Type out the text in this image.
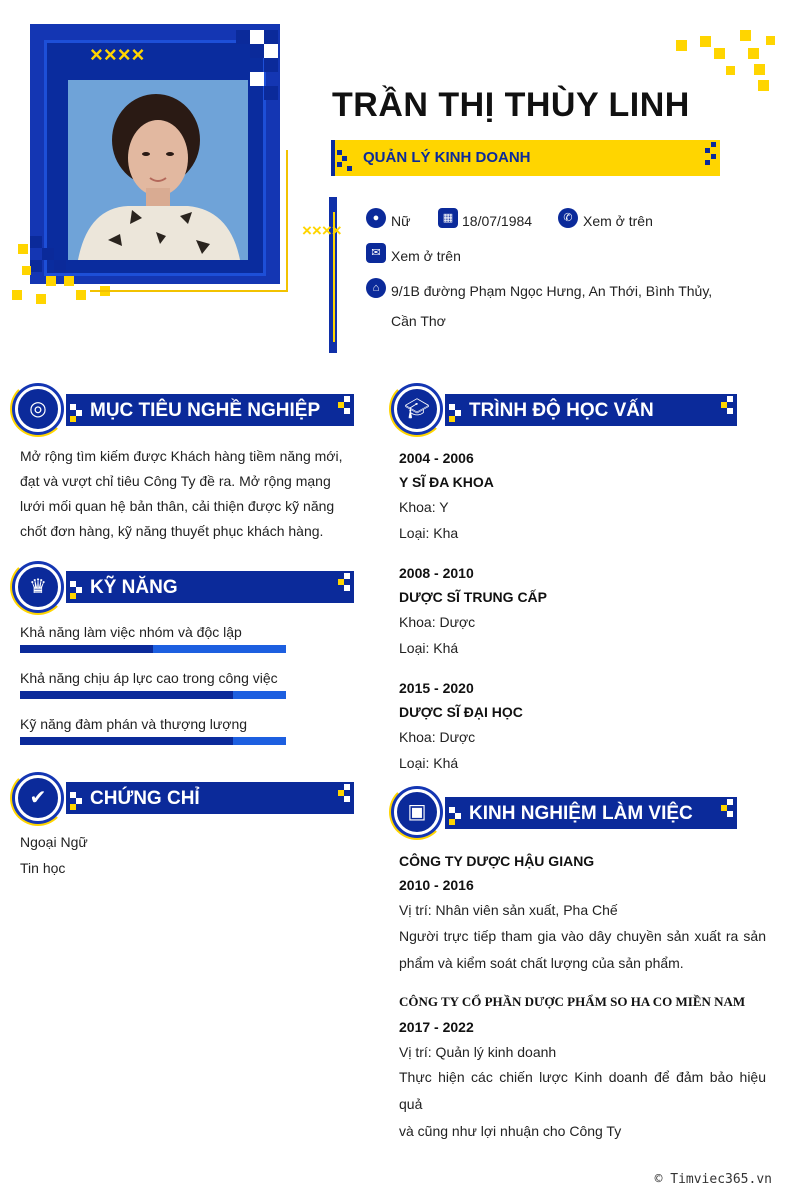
××××
TRẦN THỊ THÙY LINH
QUẢN LÝ KINH DOANH
××××
● Nữ	▦ 18/07/1984	✆ Xem ở trên
✉ Xem ở trên
⌂ 9/1B đường Phạm Ngọc Hưng, An Thới, Bình Thủy,
Cần Thơ
◎	MỤC TIÊU NGHỀ NGHIỆP
Mở rộng tìm kiếm được Khách hàng tiềm năng mới,
đạt và vượt chỉ tiêu Công Ty đề ra. Mở rộng mạng
lưới mối quan hệ bản thân, cải thiện được kỹ năng
chốt đơn hàng, kỹ năng thuyết phục khách hàng.
♛	KỸ NĂNG
Khả năng làm việc nhóm và độc lập
Khả năng chịu áp lực cao trong công việc
Kỹ năng đàm phán và thượng lượng
✔	CHỨNG CHỈ
Ngoại Ngữ
Tin học
🎓︎	TRÌNH ĐỘ HỌC VẤN
2004 - 2006
Y SĨ ĐA KHOA
Khoa: Y
Loại: Kha
2008 - 2010
DƯỢC SĨ TRUNG CẤP
Khoa: Dược
Loại: Khá
2015 - 2020
DƯỢC SĨ ĐẠI HỌC
Khoa: Dược
Loại: Khá
▣	KINH NGHIỆM LÀM VIỆC
CÔNG TY DƯỢC HẬU GIANG
2010 - 2016
Vị trí: Nhân viên sản xuất, Pha Chế
Người trực tiếp tham gia vào dây chuyền sản xuất ra sản
phẩm và kiểm soát chất lượng của sản phẩm.
CÔNG TY CỔ PHẦN DƯỢC PHẨM SO HA CO MIỀN NAM
2017 - 2022
Vị trí: Quản lý kinh doanh
Thực hiện các chiến lược Kinh doanh để đảm bảo hiệu quả
và cũng như lợi nhuận cho Công Ty
© Timviec365.vn
